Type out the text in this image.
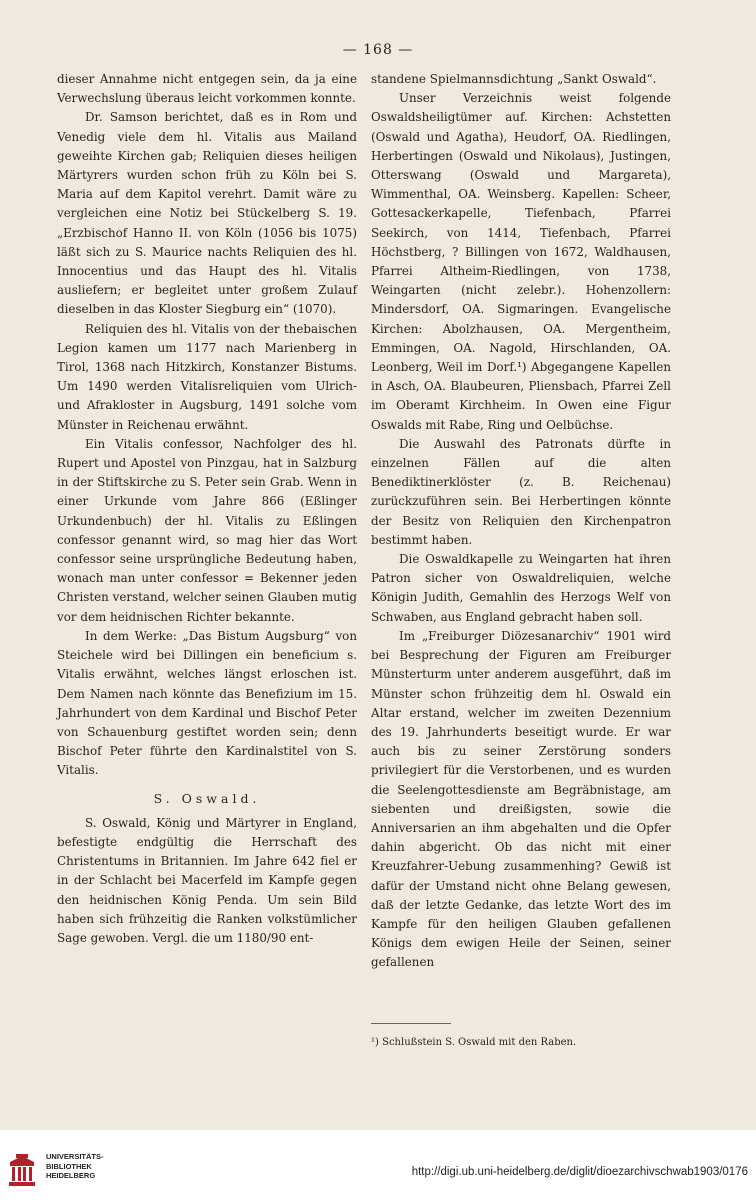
— 168 —

dieser Annahme nicht entgegen sein, da ja eine Verwechslung überaus leicht vorkommen konnte.

Dr. Samson berichtet, daß es in Rom und Venedig viele dem hl. Vitalis aus Mailand geweihte Kirchen gab; Reliquien dieses heiligen Märtyrers wurden schon früh zu Köln bei S. Maria auf dem Kapitol verehrt. Damit wäre zu vergleichen eine Notiz bei Stückelberg S. 19. „Erzbischof Hanno II. von Köln (1056 bis 1075) läßt sich zu S. Maurice nachts Reliquien des hl. Innocentius und das Haupt des hl. Vitalis ausliefern; er begleitet unter großem Zulauf dieselben in das Kloster Siegburg ein“ (1070).

Reliquien des hl. Vitalis von der thebaischen Legion kamen um 1177 nach Marienberg in Tirol, 1368 nach Hitzkirch, Konstanzer Bistums. Um 1490 werden Vitalisreliquien vom Ulrich- und Afrakloster in Augsburg, 1491 solche vom Münster in Reichenau erwähnt.

Ein Vitalis confessor, Nachfolger des hl. Rupert und Apostel von Pinzgau, hat in Salzburg in der Stiftskirche zu S. Peter sein Grab. Wenn in einer Urkunde vom Jahre 866 (Eßlinger Urkundenbuch) der hl. Vitalis zu Eßlingen confessor genannt wird, so mag hier das Wort confessor seine ursprüngliche Bedeutung haben, wonach man unter confessor = Bekenner jeden Christen verstand, welcher seinen Glauben mutig vor dem heidnischen Richter bekannte.

In dem Werke: „Das Bistum Augsburg“ von Steichele wird bei Dillingen ein beneficium s. Vitalis erwähnt, welches längst erloschen ist. Dem Namen nach könnte das Benefizium im 15. Jahrhundert von dem Kardinal und Bischof Peter von Schauenburg gestiftet worden sein; denn Bischof Peter führte den Kardinalstitel von S. Vitalis.

S. Oswald.

S. Oswald, König und Märtyrer in England, befestigte endgültig die Herrschaft des Christentums in Britannien. Im Jahre 642 fiel er in der Schlacht bei Macerfeld im Kampfe gegen den heidnischen König Penda. Um sein Bild haben sich frühzeitig die Ranken volkstümlicher Sage gewoben. Vergl. die um 1180/90 ent-

standene Spielmannsdichtung „Sankt Oswald“.

Unser Verzeichnis weist folgende Oswaldsheiligtümer auf. Kirchen: Achstetten (Oswald und Agatha), Heudorf, OA. Riedlingen, Herbertingen (Oswald und Nikolaus), Justingen, Otterswang (Oswald und Margareta), Wimmenthal, OA. Weinsberg. Kapellen: Scheer, Gottesackerkapelle, Tiefenbach, Pfarrei Seekirch, von 1414, Tiefenbach, Pfarrei Höchstberg, ? Billingen von 1672, Waldhausen, Pfarrei Altheim-Riedlingen, von 1738, Weingarten (nicht zelebr.). Hohenzollern: Mindersdorf, OA. Sigmaringen. Evangelische Kirchen: Abolzhausen, OA. Mergentheim, Emmingen, OA. Nagold, Hirschlanden, OA. Leonberg, Weil im Dorf.¹) Abgegangene Kapellen in Asch, OA. Blaubeuren, Pliensbach, Pfarrei Zell im Oberamt Kirchheim. In Owen eine Figur Oswalds mit Rabe, Ring und Oelbüchse.

Die Auswahl des Patronats dürfte in einzelnen Fällen auf die alten Benediktinerklöster (z. B. Reichenau) zurückzuführen sein. Bei Herbertingen könnte der Besitz von Reliquien den Kirchenpatron bestimmt haben.

Die Oswaldkapelle zu Weingarten hat ihren Patron sicher von Oswaldreliquien, welche Königin Judith, Gemahlin des Herzogs Welf von Schwaben, aus England gebracht haben soll.

Im „Freiburger Diözesanarchiv“ 1901 wird bei Besprechung der Figuren am Freiburger Münsterturm unter anderem ausgeführt, daß im Münster schon frühzeitig dem hl. Oswald ein Altar erstand, welcher im zweiten Dezennium des 19. Jahrhunderts beseitigt wurde. Er war auch bis zu seiner Zerstörung sonders privilegiert für die Verstorbenen, und es wurden die Seelengottesdienste am Begräbnistage, am siebenten und dreißigsten, sowie die Anniversarien an ihm abgehalten und die Opfer dahin abgericht. Ob das nicht mit einer Kreuzfahrer-Uebung zusammenhing? Gewiß ist dafür der Umstand nicht ohne Belang gewesen, daß der letzte Gedanke, das letzte Wort des im Kampfe für den heiligen Glauben gefallenen Königs dem ewigen Heile der Seinen, seiner gefallenen

¹) Schlußstein S. Oswald mit den Raben.
UNIVERSITÄTS-
BIBLIOTHEK
HEIDELBERG	http://digi.ub.uni-heidelberg.de/diglit/dioezarchivschwab1903/0176
